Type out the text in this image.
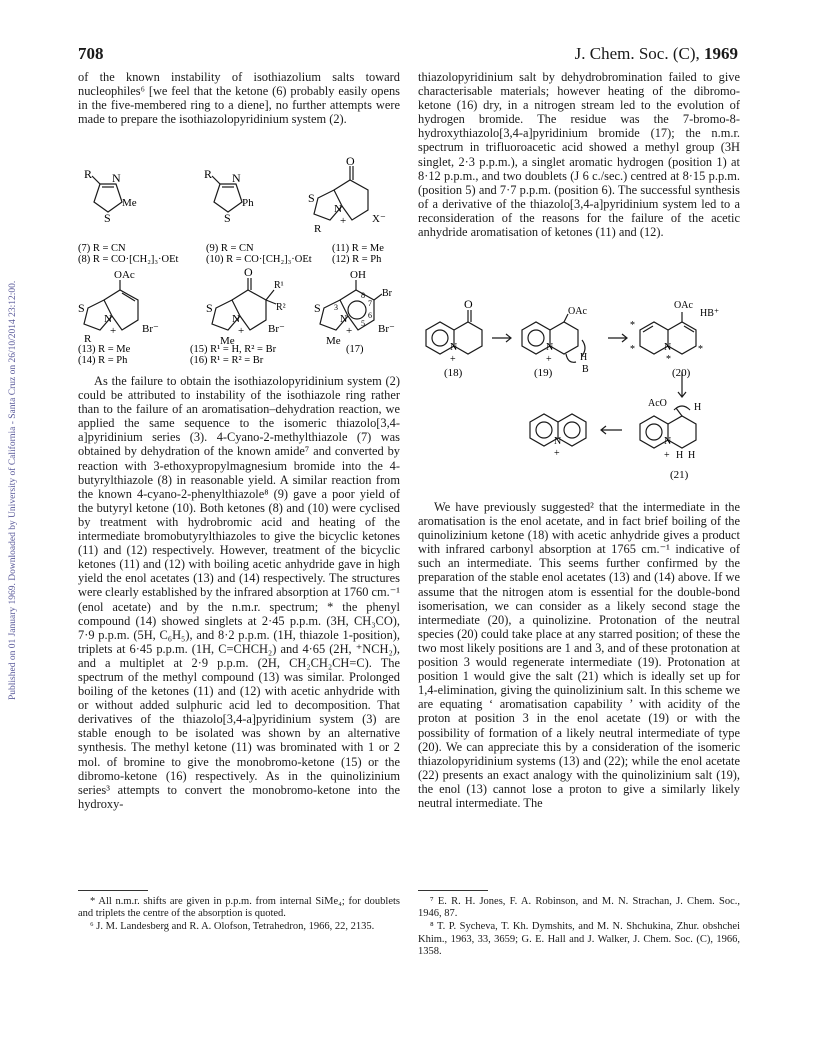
Published on 01 January 1969. Downloaded by University of California - Santa Cruz on 26/10/2014 23:12:00.
708	J. Chem. Soc. (C), 1969

of the known instability of isothiazolium salts toward nucleophiles⁶ [we feel that the ketone (6) probably easily opens in the five-membered ring to a diene], no further attempts were made to prepare the isothiazolopyridinium system (2).

R N
Me
S
R N
Ph
S
O
S
N
+
R
X⁻
(7) R = CN
(8) R = CO·[CH₂]₃·OEt
(9) R = CN
(10) R = CO·[CH₂]₃·OEt
(11) R = Me
(12) R = Ph
OAc
S
N
+
R
Br⁻
O
R¹
R²
S
N
+
Me
Br⁻
OH
Br
S
N
3
8
7
6
5
+
Me
Br⁻
(13) R = Me
(14) R = Ph
(15) R¹ = H, R² = Br
(16) R¹ = R² = Br
(17)

As the failure to obtain the isothiazolopyridinium system (2) could be attributed to instability of the isothiazole ring rather than to the failure of an aromatisation–dehydration reaction, we applied the same sequence to the isomeric thiazolo[3,4-a]pyridinium series (3). 4-Cyano-2-methylthiazole (7) was obtained by dehydration of the known amide⁷ and converted by reaction with 3-ethoxypropylmagnesium bromide into the 4-butyrylthiazole (8) in reasonable yield. A similar reaction from the known 4-cyano-2-phenylthiazole⁸ (9) gave a poor yield of the butyryl ketone (10). Both ketones (8) and (10) were cyclised by treatment with hydrobromic acid and heating of the intermediate bromobutyrylthiazoles to give the bicyclic ketones (11) and (12) respectively. However, treatment of the bicyclic ketones (11) and (12) with boiling acetic anhydride gave in high yield the enol acetates (13) and (14) respectively. The structures were clearly established by the infrared absorption at 1760 cm.⁻¹ (enol acetate) and by the n.m.r. spectrum; * the phenyl compound (14) showed singlets at 2·45 p.p.m. (3H, CH₃CO), 7·9 p.p.m. (5H, C₆H₅), and 8·2 p.p.m. (1H, thiazole 1-position), triplets at 6·45 p.p.m. (1H, C=CHCH₂) and 4·65 (2H, ⁺NCH₂), and a multiplet at 2·9 p.p.m. (2H, CH₂CH₂CH=C). The spectrum of the methyl compound (13) was similar. Prolonged boiling of the ketones (11) and (12) with acetic anhydride with or without added sulphuric acid led to decomposition. That derivatives of the thiazolo[3,4-a]pyridinium system (3) are stable enough to be isolated was shown by an alternative synthesis. The methyl ketone (11) was brominated with 1 or 2 mol. of bromine to give the monobromo-ketone (15) or the dibromo-ketone (16) respectively. As in the quinolizinium series³ attempts to convert the monobromo-ketone into the hydroxy-

* All n.m.r. shifts are given in p.p.m. from internal SiMe₄; for doublets and triplets the centre of the absorption is quoted.

⁶ J. M. Landesberg and R. A. Olofson, Tetrahedron, 1966, 22, 2135.

thiazolopyridinium salt by dehydrobromination failed to give characterisable materials; however heating of the dibromo-ketone (16) dry, in a nitrogen stream led to the evolution of hydrogen bromide. The residue was the 7-bromo-8-hydroxythiazolo[3,4-a]pyridinium bromide (17); the n.m.r. spectrum in trifluoroacetic acid showed a methyl group (3H singlet, 2·3 p.p.m.), a singlet aromatic hydrogen (position 1) at 8·12 p.p.m., and two doublets (J 6 c./sec.) centred at 8·15 p.p.m. (position 5) and 7·7 p.p.m. (position 6). The successful synthesis of a derivative of the thiazolo[3,4-a]pyridinium system led to a reconsideration of the reasons for the failure of the acetic anhydride aromatisation of ketones (11) and (12).

O
N
+
(18)
OAc
N
+	H
B
(19)
OAc
HB⁺
N
*
*	*
*
(20)
AcO	H
N
+ H H
(21)
N
+

We have previously suggested² that the intermediate in the aromatisation is the enol acetate, and in fact brief boiling of the quinolizinium ketone (18) with acetic anhydride gives a product with infrared carbonyl absorption at 1765 cm.⁻¹ indicative of such an intermediate. This seems further confirmed by the preparation of the stable enol acetates (13) and (14) above. If we assume that the nitrogen atom is essential for the double-bond isomerisation, we can consider as a likely second stage the intermediate (20), a quinolizine. Protonation of the neutral species (20) could take place at any starred position; of these the two most likely positions are 1 and 3, and of these protonation at position 3 would regenerate intermediate (19). Protonation at position 1 would give the salt (21) which is ideally set up for 1,4-elimination, giving the quinolizinium salt. In this scheme we are equating ‘ aromatisation capability ’ with acidity of the proton at position 3 in the enol acetate (19) or with the possibility of formation of a likely neutral intermediate of type (20). We can appreciate this by a consideration of the isomeric thiazolopyridinium systems (13) and (22); while the enol acetate (22) presents an exact analogy with the quinolizinium salt (19), the enol (13) cannot lose a proton to give a similarly likely neutral intermediate. The

⁷ E. R. H. Jones, F. A. Robinson, and M. N. Strachan, J. Chem. Soc., 1946, 87.

⁸ T. P. Sycheva, T. Kh. Dymshits, and M. N. Shchukina, Zhur. obshchei Khim., 1963, 33, 3659; G. E. Hall and J. Walker, J. Chem. Soc. (C), 1966, 1358.
